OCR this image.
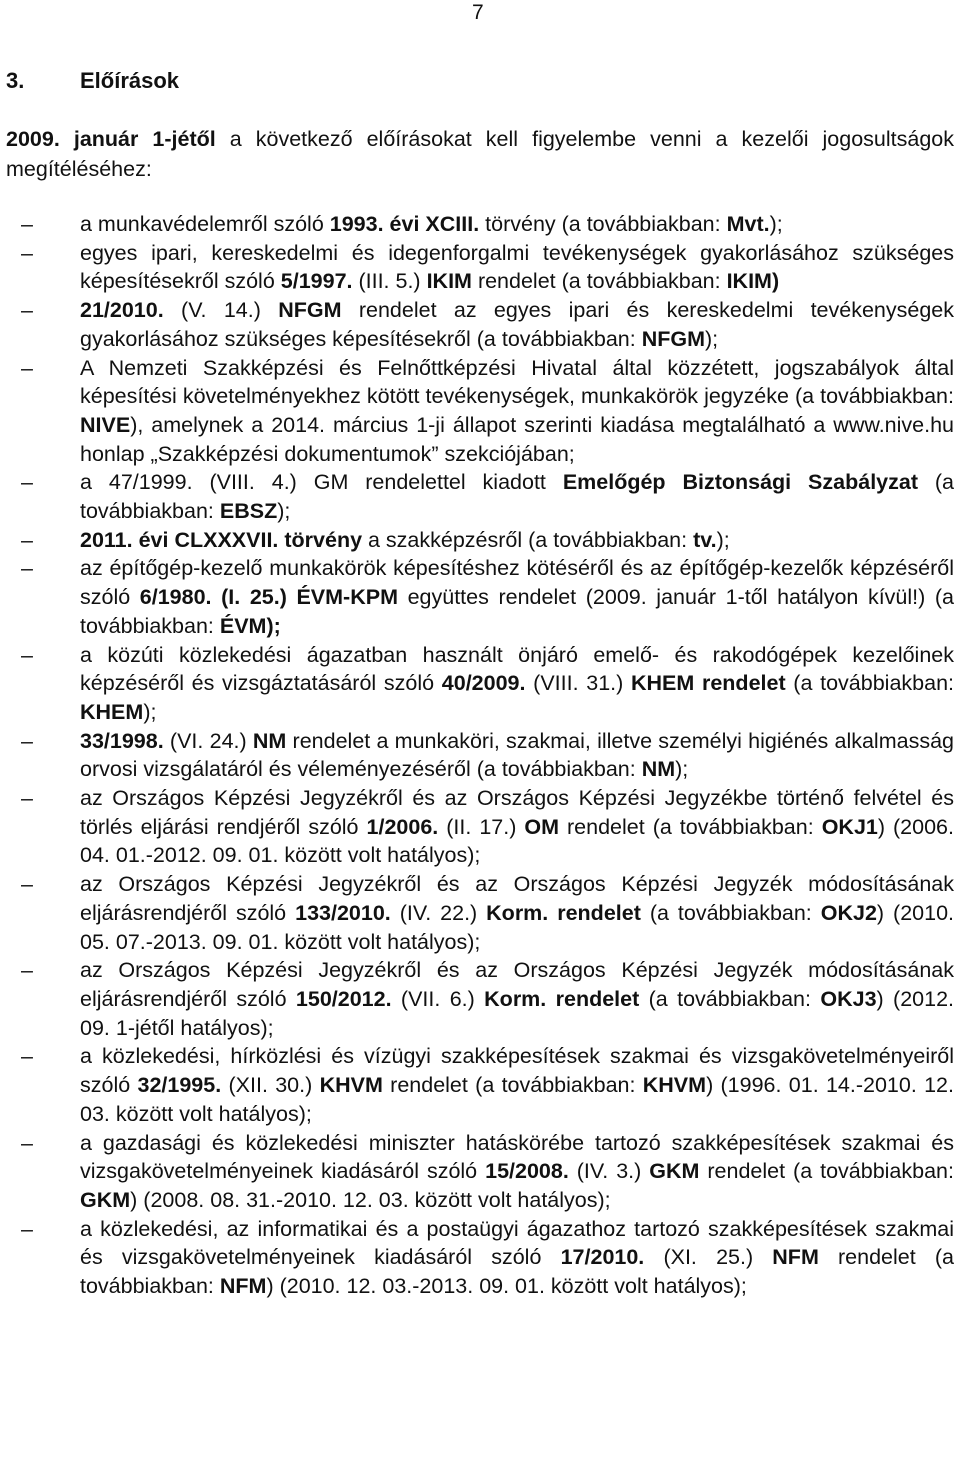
7
3.	Előírások

2009. január 1-jétől a következő előírásokat kell figyelembe venni a kezelői jogosultságok megítéléséhez:

–	a munkavédelemről szóló 1993. évi XCIII. törvény (a továbbiakban: Mvt.);
–	egyes ipari, kereskedelmi és idegenforgalmi tevékenységek gyakorlásához szükséges képesítésekről szóló 5/1997. (III. 5.) IKIM rendelet (a továbbiakban: IKIM)
–	21/2010. (V. 14.) NFGM rendelet az egyes ipari és kereskedelmi tevékenységek gyakorlásához szükséges képesítésekről (a továbbiakban: NFGM);
–	A Nemzeti Szakképzési és Felnőttképzési Hivatal által közzétett, jogszabályok által képesítési követelményekhez kötött tevékenységek, munkakörök jegyzéke (a továbbiakban: NIVE), amelynek a 2014. március 1-ji állapot szerinti kiadása megtalálható a www.nive.hu honlap „Szakképzési dokumentumok” szekciójában;
–	a 47/1999. (VIII. 4.) GM rendelettel kiadott Emelőgép Biztonsági Szabályzat (a továbbiakban: EBSZ);
–	2011. évi CLXXXVII. törvény a szakképzésről (a továbbiakban: tv.);
–	az építőgép-kezelő munkakörök képesítéshez kötéséről és az építőgép-kezelők képzéséről szóló 6/1980. (I. 25.) ÉVM-KPM együttes rendelet (2009. január 1-től hatályon kívül!) (a továbbiakban: ÉVM);
–	a közúti közlekedési ágazatban használt önjáró emelő- és rakodógépek kezelőinek képzéséről és vizsgáztatásáról szóló 40/2009. (VIII. 31.) KHEM rendelet (a továbbiakban: KHEM);
–	33/1998. (VI. 24.) NM rendelet a munkaköri, szakmai, illetve személyi higiénés alkalmasság orvosi vizsgálatáról és véleményezéséről (a továbbiakban: NM);
–	az Országos Képzési Jegyzékről és az Országos Képzési Jegyzékbe történő felvétel és törlés eljárási rendjéről szóló 1/2006. (II. 17.) OM rendelet (a továbbiakban: OKJ1) (2006. 04. 01.-2012. 09. 01. között volt hatályos);
–	az Országos Képzési Jegyzékről és az Országos Képzési Jegyzék módosításának eljárásrendjéről szóló 133/2010. (IV. 22.) Korm. rendelet (a továbbiakban: OKJ2) (2010. 05. 07.-2013. 09. 01. között volt hatályos);
–	az Országos Képzési Jegyzékről és az Országos Képzési Jegyzék módosításának eljárásrendjéről szóló 150/2012. (VII. 6.) Korm. rendelet (a továbbiakban: OKJ3) (2012. 09. 1-jétől hatályos);
–	a közlekedési, hírközlési és vízügyi szakképesítések szakmai és vizsgakövetelményeiről szóló 32/1995. (XII. 30.) KHVM rendelet (a továbbiakban: KHVM) (1996. 01. 14.-2010. 12. 03. között volt hatályos);
–	a gazdasági és közlekedési miniszter hatáskörébe tartozó szakképesítések szakmai és vizsgakövetelményeinek kiadásáról szóló 15/2008. (IV. 3.) GKM rendelet (a továbbiakban: GKM) (2008. 08. 31.-2010. 12. 03. között volt hatályos);
–	a közlekedési, az informatikai és a postaügyi ágazathoz tartozó szakképesítések szakmai és vizsgakövetelményeinek kiadásáról szóló 17/2010. (XI. 25.) NFM rendelet (a továbbiakban: NFM) (2010. 12. 03.-2013. 09. 01. között volt hatályos);
